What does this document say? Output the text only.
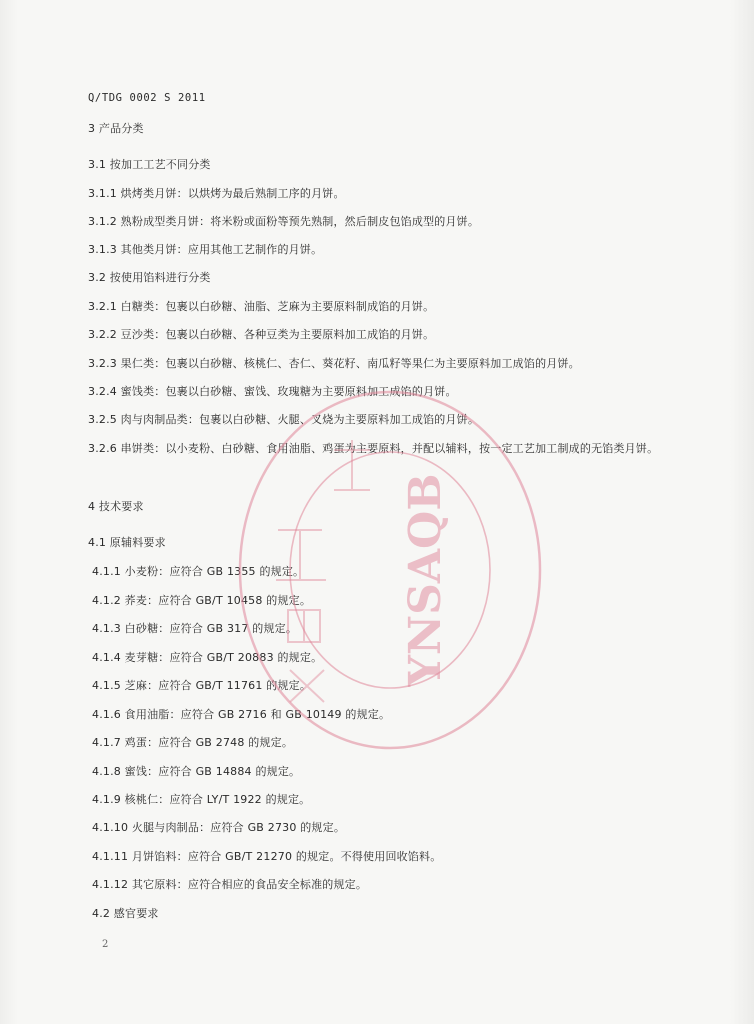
Q/TDG 0002 S 2011
3 产品分类
3.1 按加工工艺不同分类
3.1.1 烘烤类月饼：以烘烤为最后熟制工序的月饼。
3.1.2 熟粉成型类月饼：将米粉或面粉等预先熟制，然后制皮包馅成型的月饼。
3.1.3 其他类月饼：应用其他工艺制作的月饼。
3.2 按使用馅料进行分类
3.2.1 白糖类：包裹以白砂糖、油脂、芝麻为主要原料制成馅的月饼。
3.2.2 豆沙类：包裹以白砂糖、各种豆类为主要原料加工成馅的月饼。
3.2.3 果仁类：包裹以白砂糖、核桃仁、杏仁、葵花籽、南瓜籽等果仁为主要原料加工成馅的月饼。
3.2.4 蜜饯类：包裹以白砂糖、蜜饯、玫瑰糖为主要原料加工成馅的月饼。
3.2.5 肉与肉制品类：包裹以白砂糖、火腿、叉烧为主要原料加工成馅的月饼。
3.2.6 串饼类：以小麦粉、白砂糖、食用油脂、鸡蛋为主要原料，并配以辅料，按一定工艺加工制成的无馅类月饼。
4 技术要求
4.1 原辅料要求
4.1.1 小麦粉：应符合 GB 1355 的规定。
4.1.2 荞麦：应符合 GB/T 10458 的规定。
4.1.3 白砂糖：应符合 GB 317 的规定。
4.1.4 麦芽糖：应符合 GB/T 20883 的规定。
4.1.5 芝麻：应符合 GB/T 11761 的规定。
4.1.6 食用油脂：应符合 GB 2716 和 GB 10149 的规定。
4.1.7 鸡蛋：应符合 GB 2748 的规定。
4.1.8 蜜饯：应符合 GB 14884 的规定。
4.1.9 核桃仁：应符合 LY/T 1922 的规定。
4.1.10 火腿与肉制品：应符合 GB 2730 的规定。
4.1.11 月饼馅料：应符合 GB/T 21270 的规定。不得使用回收馅料。
4.1.12 其它原料：应符合相应的食品安全标准的规定。
4.2 感官要求
2
YNSAQB
